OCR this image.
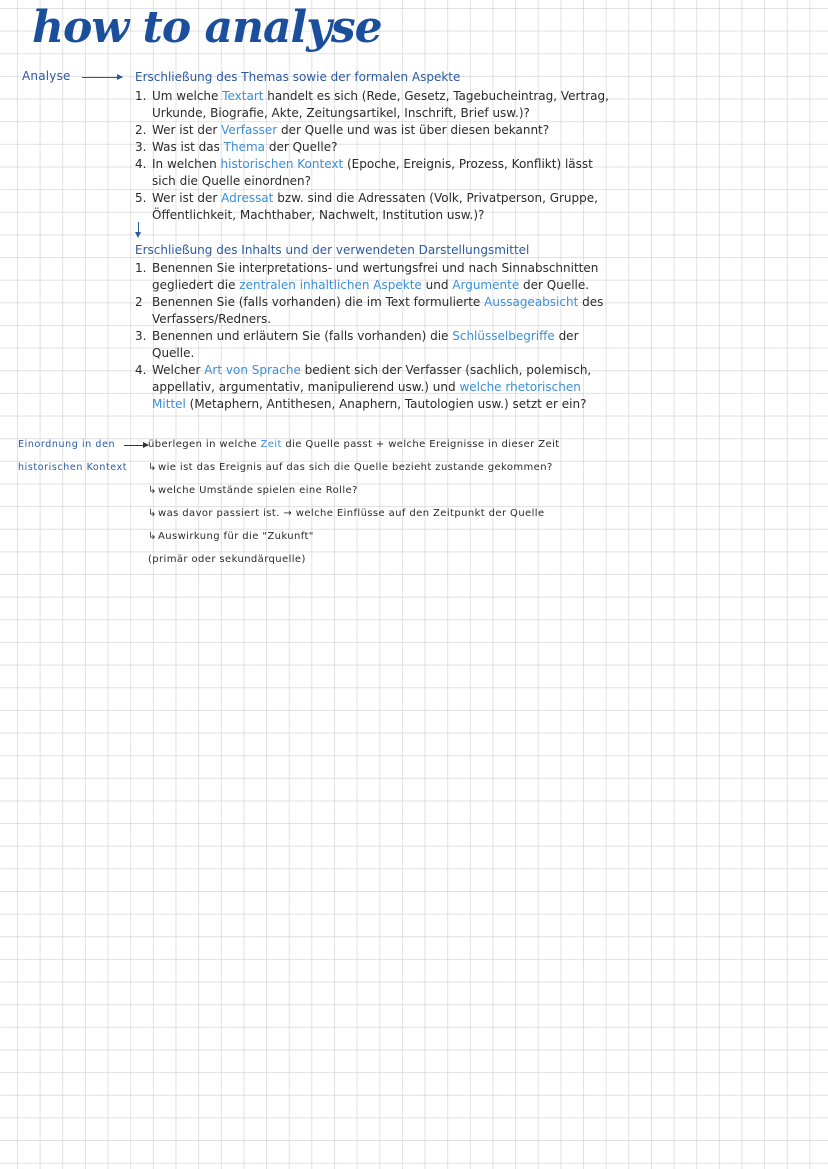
how to analyse
Analyse	Erschließung des Themas sowie der formalen Aspekte
1. Um welche Textart handelt es sich (Rede, Gesetz, Tagebucheintrag, Vertrag, Urkunde, Biografie, Akte, Zeitungsartikel, Inschrift, Brief usw.)?
2. Wer ist der Verfasser der Quelle und was ist über diesen bekannt?
3. Was ist das Thema der Quelle?
4. In welchen historischen Kontext (Epoche, Ereignis, Prozess, Konflikt) lässt sich die Quelle einordnen?
5. Wer ist der Adressat bzw. sind die Adressaten (Volk, Privatperson, Gruppe, Öffentlichkeit, Machthaber, Nachwelt, Institution usw.)?
Erschließung des Inhalts und der verwendeten Darstellungsmittel
1. Benennen Sie interpretations- und wertungsfrei und nach Sinnabschnitten gegliedert die zentralen inhaltlichen Aspekte und Argumente der Quelle.
2 Benennen Sie (falls vorhanden) die im Text formulierte Aussageabsicht des Verfassers/Redners.
3. Benennen und erläutern Sie (falls vorhanden) die Schlüsselbegriffe der Quelle.
4. Welcher Art von Sprache bedient sich der Verfasser (sachlich, polemisch, appellativ, argumentativ, manipulierend usw.) und welche rhetorischen Mittel (Metaphern, Antithesen, Anaphern, Tautologien usw.) setzt er ein?
Einordnung in den
historischen Kontext
überlegen in welche Zeit die Quelle passt + welche Ereignisse in dieser Zeit
↳wie ist das Ereignis auf das sich die Quelle bezieht zustande gekommen?
↳welche Umstände spielen eine Rolle?
↳was davor passiert ist. → welche Einflüsse auf den Zeitpunkt der Quelle
↳Auswirkung für die "Zukunft"
(primär oder sekundärquelle)
